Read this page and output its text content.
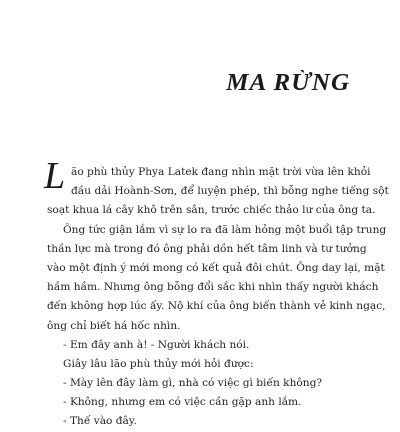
MA RỪNG
L ão phù thủy Phya Latek đang nhìn mặt trời vừa lên khỏi
đầu dải Hoành-Sơn, để luyện phép, thì bỗng nghe tiếng sột
soạt khua lá cây khô trên sân, trước chiếc thảo lư của ông ta.
Ông tức giận lắm vì sự lo ra đã làm hỏng một buổi tập trung
thần lực mà trong đó ông phải dồn hết tâm linh và tư tưởng
vào một định ý mới mong có kết quả đôi chút. Ông day lại, mặt
hầm hầm. Nhưng ông bỗng đổi sắc khi nhìn thấy người khách
đến không hợp lúc ấy. Nộ khí của ông biến thành vẻ kinh ngạc,
ông chỉ biết há hốc nhìn.
- Em đây anh à! - Người khách nói.
Giây lâu lão phù thủy mới hỏi được:
- Mày lên đây làm gì, nhà có việc gì biến không?
- Không, nhưng em có việc cần gặp anh lắm.
- Thế vào đây.
